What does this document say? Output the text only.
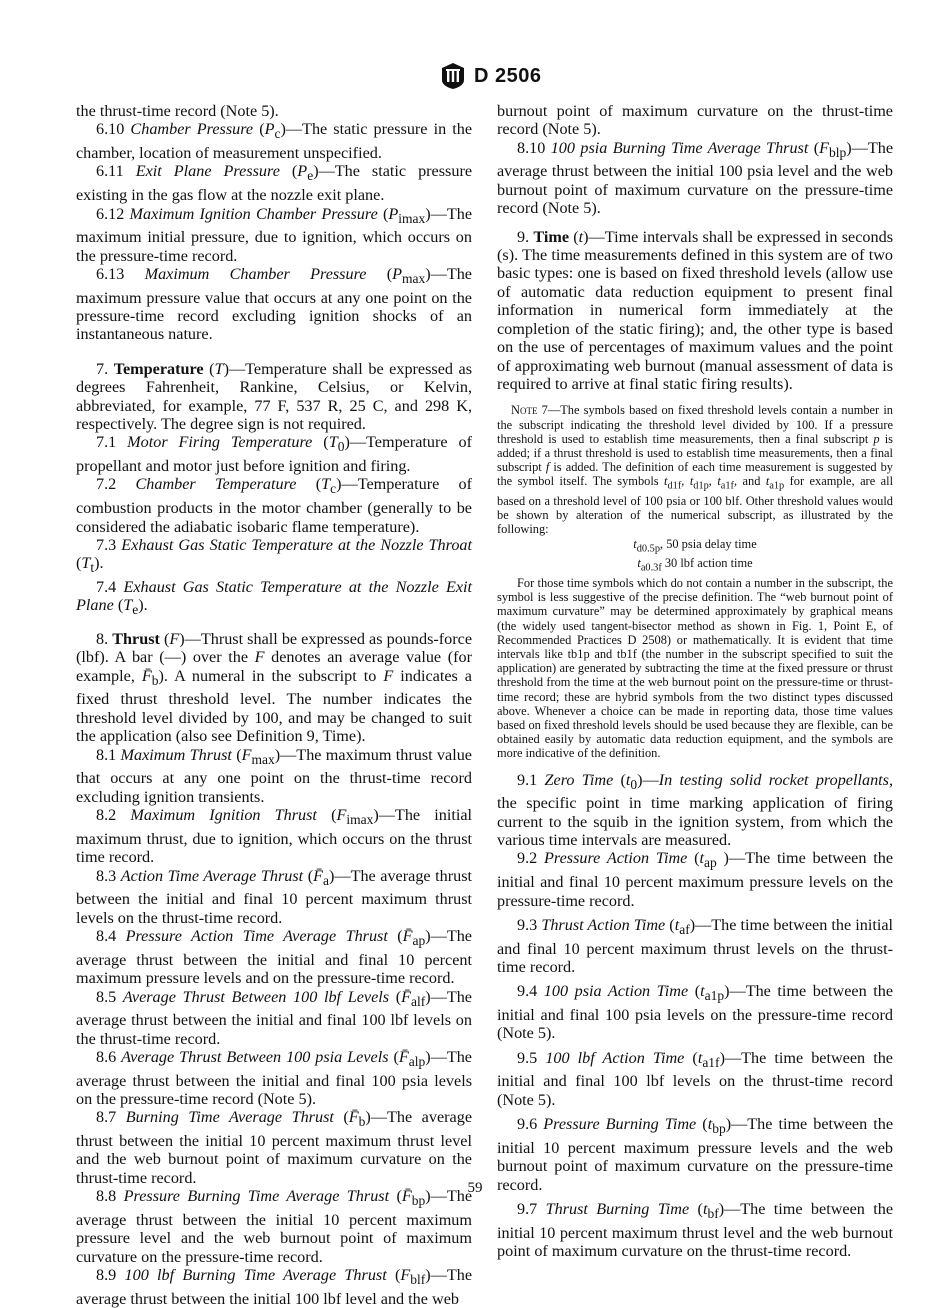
D 2506

the thrust-time record (Note 5).

6.10 Chamber Pressure $(P_c)—The$ static pressure in the chamber, location of measurement unspecified.

6.11 Exit Plane Pressure $(P_e)—The$ static pressure existing in the gas flow at the nozzle exit plane.

6.12 Maximum Ignition Chamber Pressure $(P_{imax})—The$ maximum initial pressure, due to ignition, which occurs on the pressure-time record.

6.13 Maximum Chamber Pressure $(P_{max})—The$ maximum pressure value that occurs at any one point on the pressure-time record excluding ignition shocks of an instantaneous nature.

7. Temperature (T)—Temperature shall be expressed as degrees Fahrenheit, Rankine, Celsius, or Kelvin, abbreviated, for example, 77 F, 537 R, 25 C, and 298 K, respectively. The degree sign is not required.

7.1 Motor Firing Temperature $(T_0)—Temperature$ of propellant and motor just before ignition and firing.

7.2 Chamber Temperature $(T_c)—Temperature$ of combustion products in the motor chamber (generally to be considered the adiabatic isobaric flame temperature).

7.3 Exhaust Gas Static Temperature at the Nozzle Throat $(T_t)$.

7.4 Exhaust Gas Static Temperature at the Nozzle Exit Plane $(T_e)$.

8. Thrust (F)—Thrust shall be expressed as pounds-force (lbf). A bar (—) over the F denotes an average value (for example, $F̄_b$). A numeral in the subscript to F indicates a fixed thrust threshold level. The number indicates the threshold level divided by 100, and may be changed to suit the application (also see Definition 9, Time).

8.1 Maximum Thrust $(F_{max})—The$ maximum thrust value that occurs at any one point on the thrust-time record excluding ignition transients.

8.2 Maximum Ignition Thrust $(F_{imax})—The$ initial maximum thrust, due to ignition, which occurs on the thrust time record.

8.3 Action Time Average Thrust $(F̄_a)—The$ average thrust between the initial and final 10 percent maximum thrust levels on the thrust-time record.

8.4 Pressure Action Time Average Thrust $(F̄_{ap})—The$ average thrust between the initial and final 10 percent maximum pressure levels and on the pressure-time record.

8.5 Average Thrust Between 100 lbf Levels $(F̄_{alf})—The$ average thrust between the initial and final 100 lbf levels on the thrust-time record.

8.6 Average Thrust Between 100 psia Levels $(F̄_{alp})—The$ average thrust between the initial and final 100 psia levels on the pressure-time record (Note 5).

8.7 Burning Time Average Thrust $(F̄_b)—The$ average thrust between the initial 10 percent maximum thrust level and the web burnout point of maximum curvature on the thrust-time record.

8.8 Pressure Burning Time Average Thrust $(F̄_{bp})—The$ average thrust between the initial 10 percent maximum pressure level and the web burnout point of maximum curvature on the pressure-time record.

8.9 100 lbf Burning Time Average Thrust $(F_{blf})—The$ average thrust between the initial 100 lbf level and the web

burnout point of maximum curvature on the thrust-time record (Note 5).

8.10 100 psia Burning Time Average Thrust $(F_{blp})—The$ average thrust between the initial 100 psia level and the web burnout point of maximum curvature on the pressure-time record (Note 5).

9. Time (t)—Time intervals shall be expressed in seconds (s). The time measurements defined in this system are of two basic types: one is based on fixed threshold levels (allow use of automatic data reduction equipment to present final information in numerical form immediately at the completion of the static firing); and, the other type is based on the use of percentages of maximum values and the point of approximating web burnout (manual assessment of data is required to arrive at final static firing results).

Note 7—The symbols based on fixed threshold levels contain a number in the subscript indicating the threshold level divided by 100. If a pressure threshold is used to establish time measurements, then a final subscript p is added; if a thrust threshold is used to establish time measurements, then a final subscript f is added. The definition of each time measurement is suggested by the symbol itself. The symbols $t_{d1f}$, $t_{d1p}$, $t_{a1f}$, and $t_{a1p}$ for example, are all based on a threshold level of 100 psia or 100 blf. Other threshold values would be shown by alteration of the numerical subscript, as illustrated by the following:

$t_{d0.5p}$, 50 psia delay time

$t_{a0.3f}$ 30 lbf action time

For those time symbols which do not contain a number in the subscript, the symbol is less suggestive of the precise definition. The “web burnout point of maximum curvature” may be determined approximately by graphical means (the widely used tangent-bisector method as shown in Fig. 1, Point E, of Recommended Practices D 2508) or mathematically. It is evident that time intervals like tb1p and tb1f (the number in the subscript specified to suit the application) are generated by subtracting the time at the fixed pressure or thrust threshold from the time at the web burnout point on the pressure-time or thrust-time record; these are hybrid symbols from the two distinct types discussed above. Whenever a choice can be made in reporting data, those time values based on fixed threshold levels should be used because they are flexible, can be obtained easily by automatic data reduction equipment, and the symbols are more indicative of the definition.

9.1 Zero Time $(t_0)—In$ testing solid rocket propellants, the specific point in time marking application of firing current to the squib in the ignition system, from which the various time intervals are measured.

9.2 Pressure Action Time ($t_{ap}$ )—The time between the initial and final 10 percent maximum pressure levels on the pressure-time record.

9.3 Thrust Action Time $(t_{af})—The$ time between the initial and final 10 percent maximum thrust levels on the thrust-time record.

9.4 100 psia Action Time $(t_{a1p})—The$ time between the initial and final 100 psia levels on the pressure-time record (Note 5).

9.5 100 lbf Action Time $(t_{a1f})—The$ time between the initial and final 100 lbf levels on the thrust-time record (Note 5).

9.6 Pressure Burning Time $(t_{bp})—The$ time between the initial 10 percent maximum pressure levels and the web burnout point of maximum curvature on the pressure-time record.

9.7 Thrust Burning Time $(t_{bf})—The$ time between the initial 10 percent maximum thrust level and the web burnout point of maximum curvature on the thrust-time record.

59
